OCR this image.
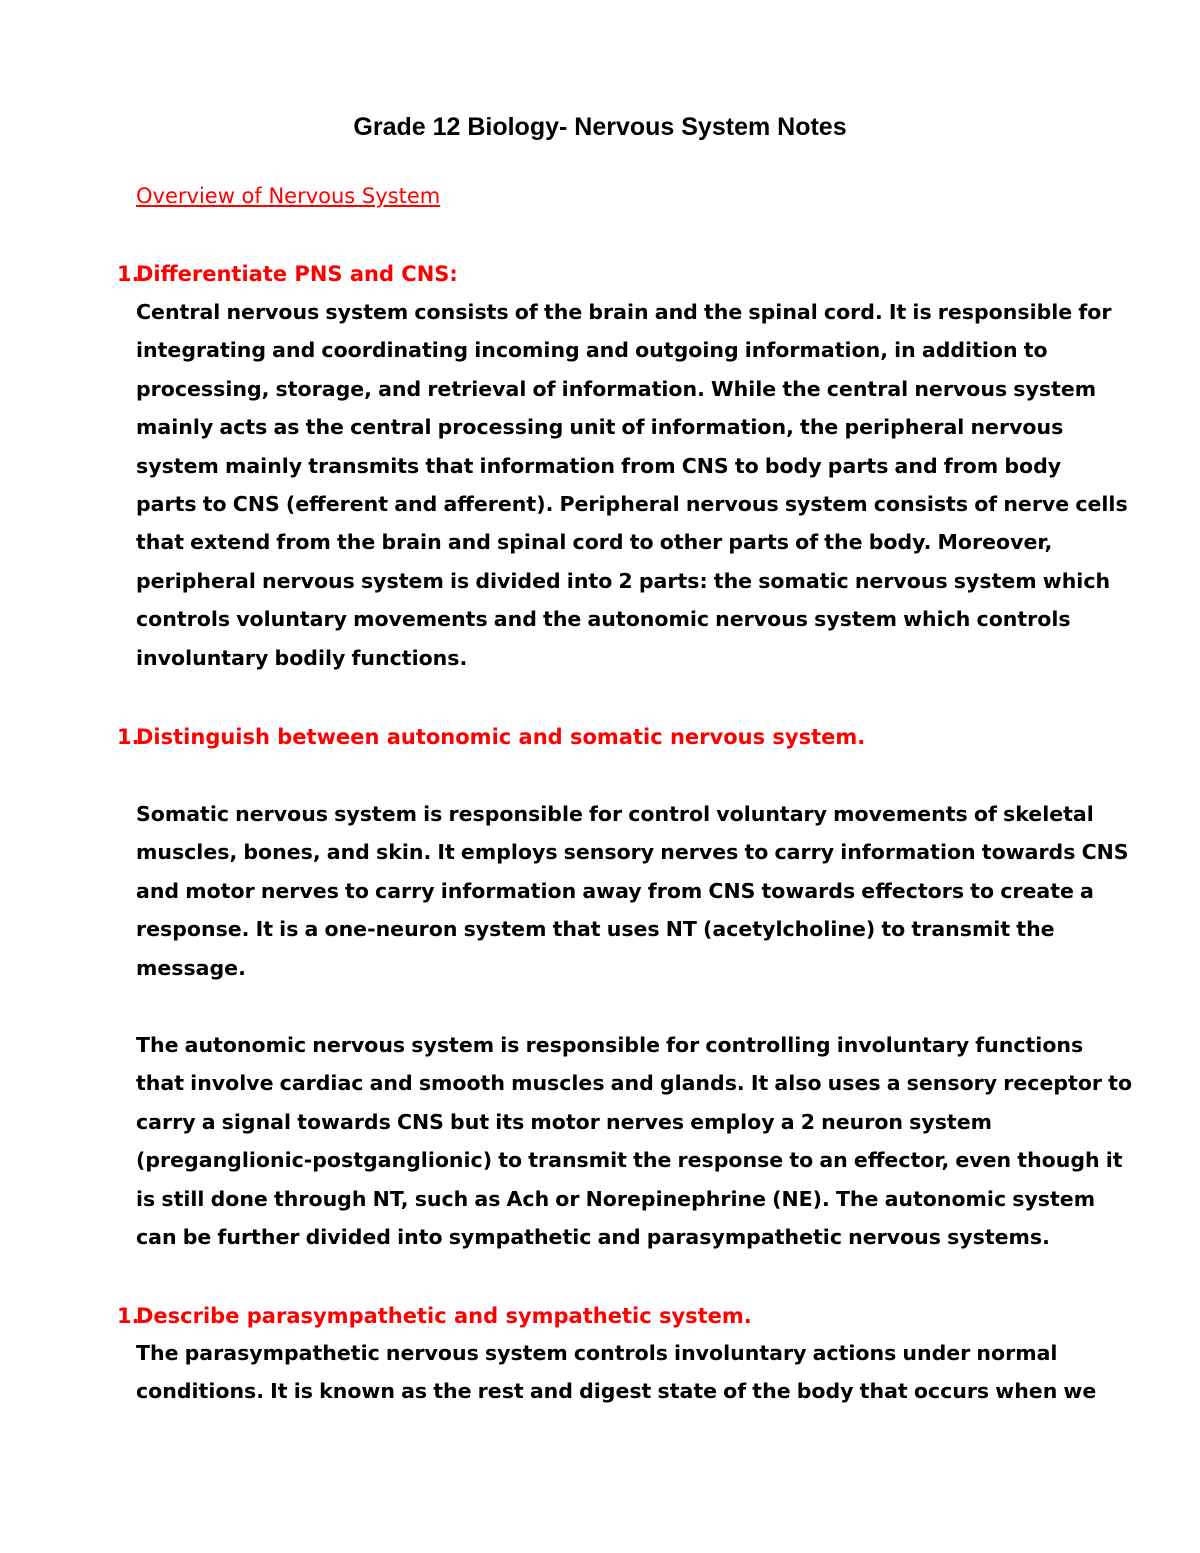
Grade 12 Biology- Nervous System Notes
Overview of Nervous System
1.Differentiate PNS and CNS:
Central nervous system consists of the brain and the spinal cord. It is responsible for
integrating and coordinating incoming and outgoing information, in addition to
processing, storage, and retrieval of information. While the central nervous system
mainly acts as the central processing unit of information, the peripheral nervous
system mainly transmits that information from CNS to body parts and from body
parts to CNS (efferent and afferent). Peripheral nervous system consists of nerve cells
that extend from the brain and spinal cord to other parts of the body. Moreover,
peripheral nervous system is divided into 2 parts: the somatic nervous system which
controls voluntary movements and the autonomic nervous system which controls
involuntary bodily functions.
1.Distinguish between autonomic and somatic nervous system.
Somatic nervous system is responsible for control voluntary movements of skeletal
muscles, bones, and skin. It employs sensory nerves to carry information towards CNS
and motor nerves to carry information away from CNS towards effectors to create a
response. It is a one-neuron system that uses NT (acetylcholine) to transmit the
message.
The autonomic nervous system is responsible for controlling involuntary functions
that involve cardiac and smooth muscles and glands. It also uses a sensory receptor to
carry a signal towards CNS but its motor nerves employ a 2 neuron system
(preganglionic-postganglionic) to transmit the response to an effector, even though it
is still done through NT, such as Ach or Norepinephrine (NE). The autonomic system
can be further divided into sympathetic and parasympathetic nervous systems.
1.Describe parasympathetic and sympathetic system.
The parasympathetic nervous system controls involuntary actions under normal
conditions. It is known as the rest and digest state of the body that occurs when we
